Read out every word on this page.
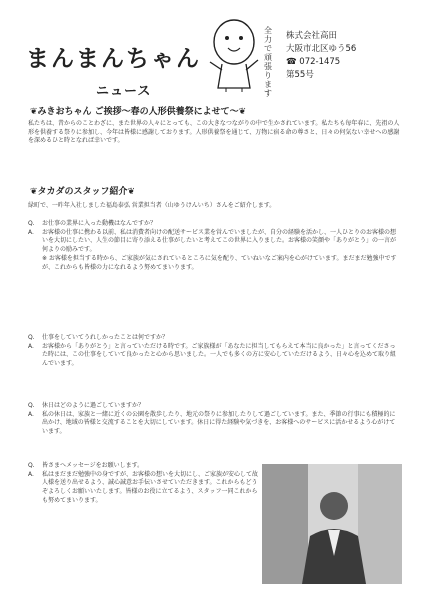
まんまんちゃん
ニュース
全力で頑張ります
株式会社高田
大阪市北区ゆう56
☎ 072-1475
第55号
❦みきおちゃん ご挨拶～春の人形供養祭によせて～❦

私たちは、昔からのことわざに、また世界の人々にとっても、この大きなつながりの中で生かされています。私たちも毎年春に、先祖の人形を供養する祭りに参加し、今年は皆様に感謝しております。人形供養祭を通じて、万物に宿る命の尊さと、日々の何気ない幸せへの感謝を深めるひと時となれば幸いです。

❦タカダのスタッフ紹介❦

緑町で、一昨年入社しました福島泰弘 営業担当者（山ゆうけんいち）さんをご紹介します。

Q.	お仕事の業界に入った動機はなんですか？
A.	お客様の仕事に携わる以前、私は消費者向けの配送サービス業を営んでいましたが、自分の経験を活かし、一人ひとりのお客様の想いを大切にしたい、人生の節目に寄り添える仕事がしたいと考えてこの世界に入りました。お客様の笑顔や「ありがとう」の一言が何よりの励みです。
※ お客様を担当する時から、ご家族が気にされているところに気を配り、ていねいなご案内を心がけています。まだまだ勉強中ですが、これからも皆様の力になれるよう努めてまいります。
Q.	仕事をしていてうれしかったことは何ですか？
A.	お客様から「ありがとう」と言っていただける時です。ご家族様が「あなたに担当してもらえて本当に良かった」と言ってくださった時には、この仕事をしていて良かったと心から思いました。一人でも多くの方に安心していただけるよう、日々心を込めて取り組んでいます。
Q.	休日はどのように過ごしていますか？
A.	私の休日は、家族と一緒に近くの公園を散歩したり、地元の祭りに参加したりして過ごしています。また、季節の行事にも積極的に出かけ、地域の皆様と交流することを大切にしています。休日に得た経験や気づきを、お客様へのサービスに活かせるよう心がけています。
Q.	皆さまへメッセージをお願いします。
A.	私はまだまだ勉強中の身ですが、お客様の想いを大切にし、ご家族が安心して故人様を送り出せるよう、誠心誠意お手伝いさせていただきます。これからもどうぞよろしくお願いいたします。皆様のお役に立てるよう、スタッフ一同これからも努めてまいります。
